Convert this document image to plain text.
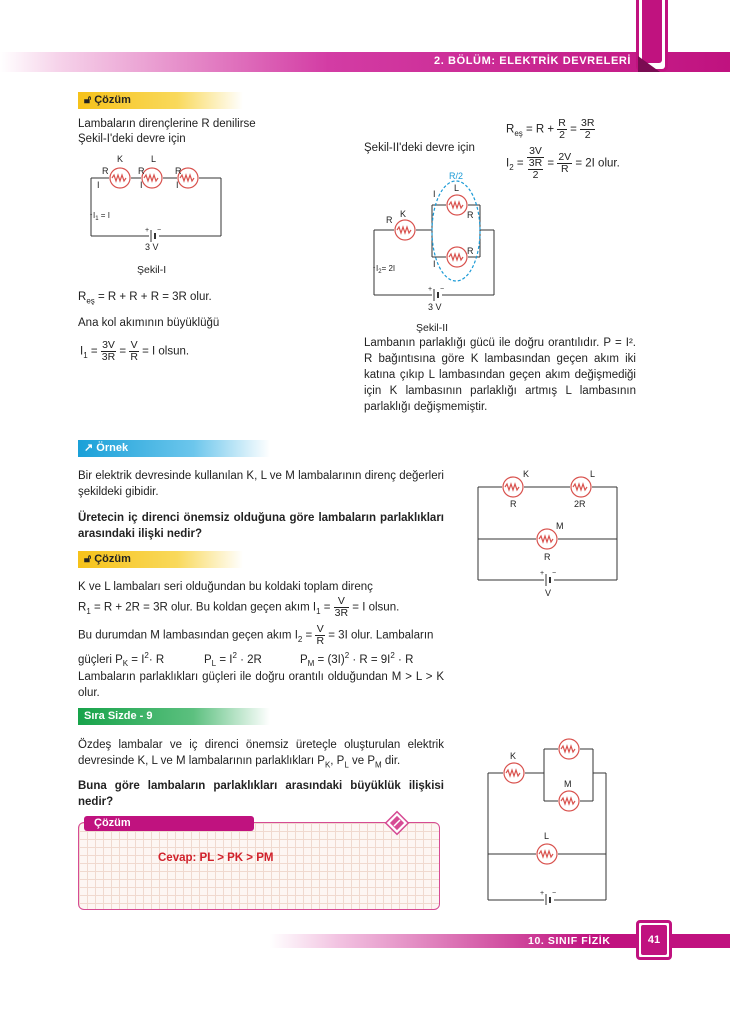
2. BÖLÜM: ELEKTRİK DEVRELERİ
🔓︎ Çözüm
Lambaların dirençlerine R denilirse
Şekil-I'deki devre için
K	L
R	R	R
I	I	I
$↑I_1 = I$
+ −
3 V
Şekil-I
$R_{eş} = R + R + R = 3R$ olur.
Ana kol akımının büyüklüğü
$I_1 = \frac{3V}{3R} = \frac{V}{R} = I$ olsun.
Şekil-II'deki devre için
$R_{eş} = R + \frac{R}{2} = \frac{3R}{2}$
$I_2 = \frac{3V}{\frac{3R}{2}} = \frac{2V}{R} = 2I$ olur.
R/2
L
K
R	R
R
I
I
$↑I_2= 2I$
+ −
3 V
Şekil-II
Lambanın parlaklığı gücü ile doğru orantılıdır. P = I². R bağıntısına göre K lambasından geçen akım iki katına çıkıp L lambasından geçen akım değişmediği için K lambasının parlaklığı artmış L lambasının parlaklığı değişmemiştir.
↗ Örnek
Bir elektrik devresinde kullanılan K, L ve M lambalarının direnç değerleri şekildeki gibidir.
Üretecin iç direnci önemsiz olduğuna göre lambaların parlaklıkları arasındaki ilişki nedir?
K	L
R	2R
M
R
+ −
V
🔓︎ Çözüm
K ve L lambaları seri olduğundan bu koldaki toplam direnç
$R_1 = R + 2R = 3R$ olur. Bu koldan geçen akım $I_1 = \frac{V}{3R} = I$ olsun.
Bu durumdan M lambasından geçen akım $I_2 = \frac{V}{R} = 3I$ olur. Lambaların
güçleri $P_K = I^2\cdot R$	$P_L = I^2 \cdot 2R$	$P_M = (3I)^2 \cdot R = 9I^2 \cdot R$
Lambaların parlaklıkları güçleri ile doğru orantılı olduğundan M > L > K olur.
Sıra Sizde - 9
Özdeş lambalar ve iç direnci önemsiz üreteçle oluşturulan elektrik devresinde K, L ve M lambalarının parlaklıkları $P_K$, $P_L$ ve $P_M$ dir.
Buna göre lambaların parlaklıkları arasındaki büyüklük ilişkisi nedir?
Çözüm
Cevap: PL > PK > PM
K
M
L
+ −
10. SINIF FİZİK	41
